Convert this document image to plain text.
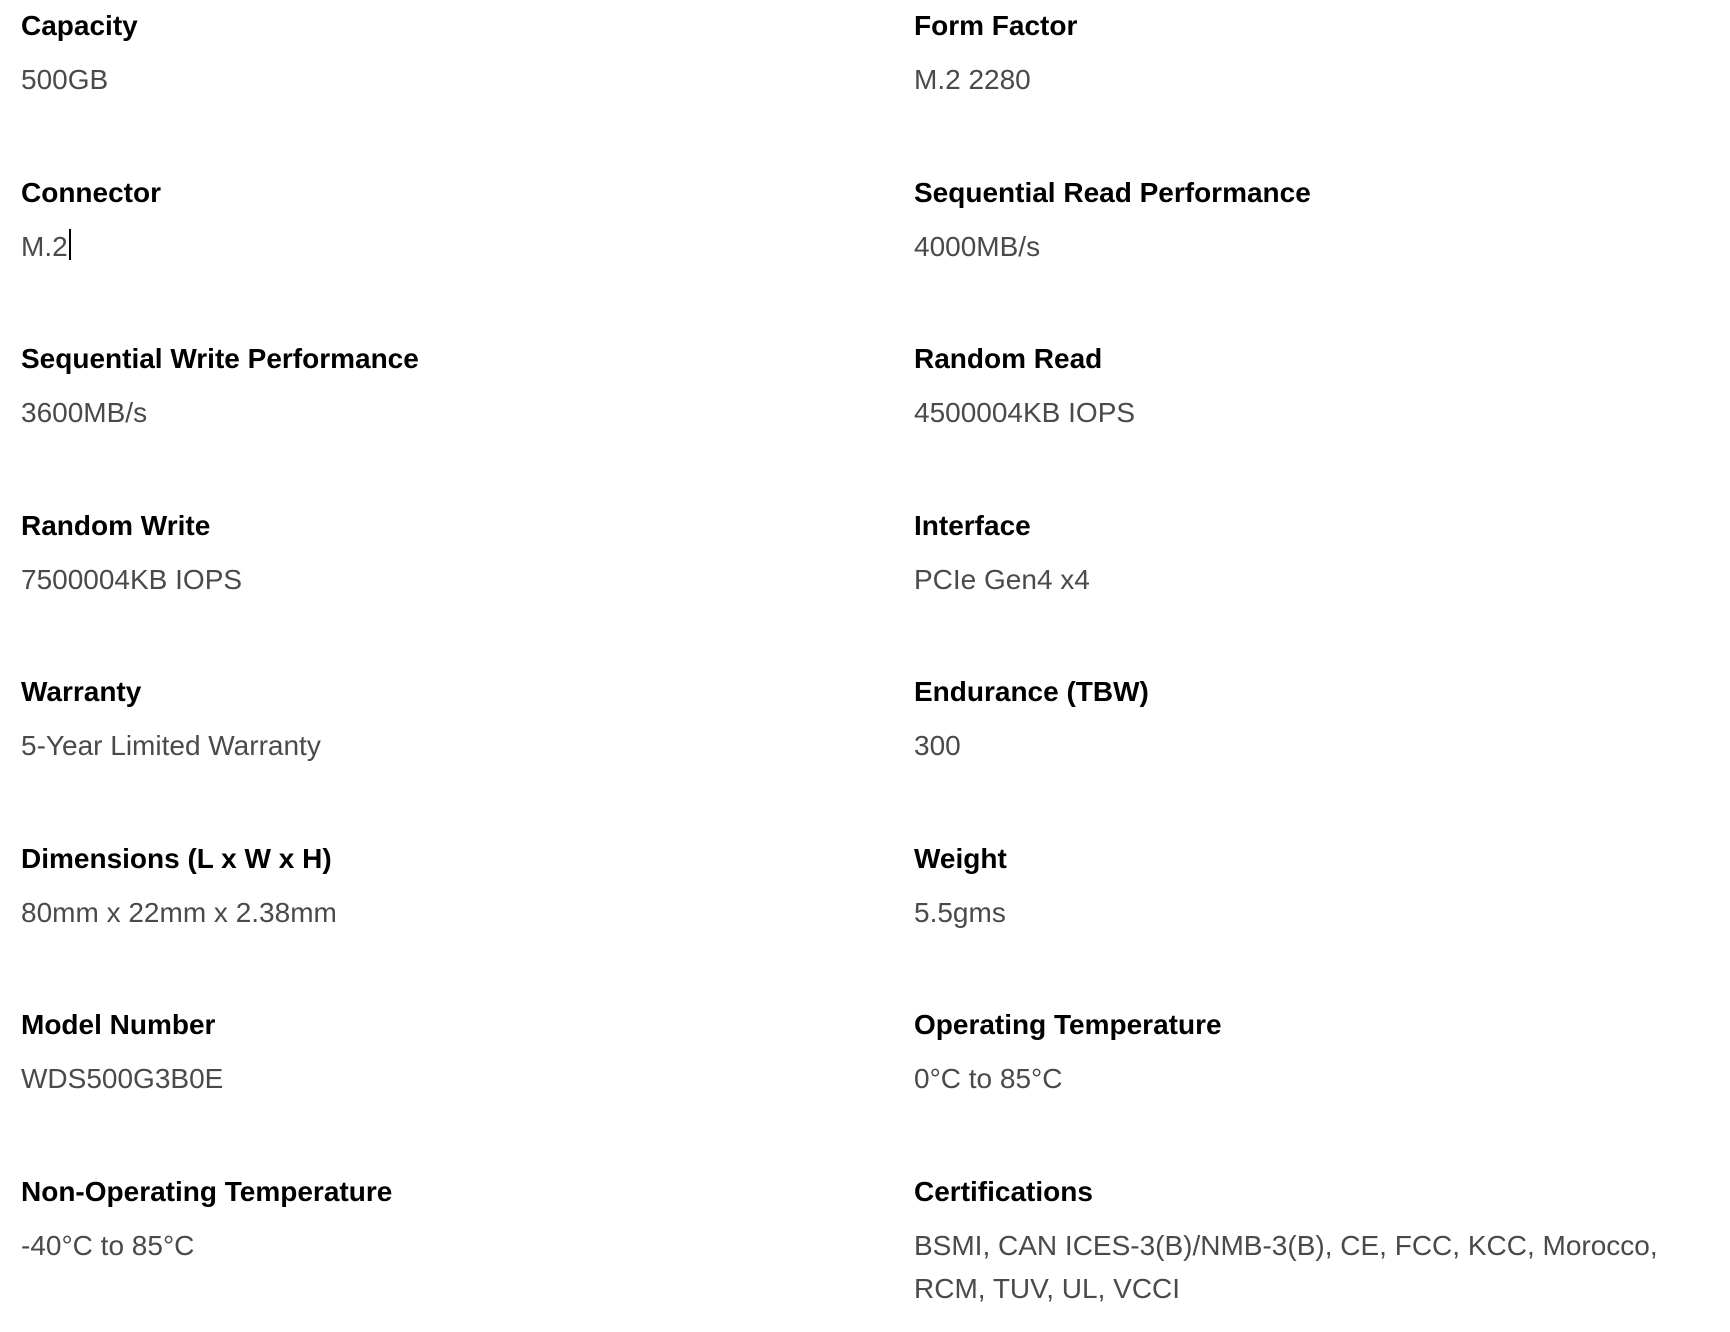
Capacity
500GB
Form Factor
M.2 2280
Connector
M.2
Sequential Read Performance
4000MB/s
Sequential Write Performance
3600MB/s
Random Read
4500004KB IOPS
Random Write
7500004KB IOPS
Interface
PCIe Gen4 x4
Warranty
5-Year Limited Warranty
Endurance (TBW)
300
Dimensions (L x W x H)
80mm x 22mm x 2.38mm
Weight
5.5gms
Model Number
WDS500G3B0E
Operating Temperature
0°C to 85°C
Non-Operating Temperature
-40°C to 85°C
Certifications
BSMI, CAN ICES-3(B)/NMB-3(B), CE, FCC, KCC, Morocco, RCM, TUV, UL, VCCI
